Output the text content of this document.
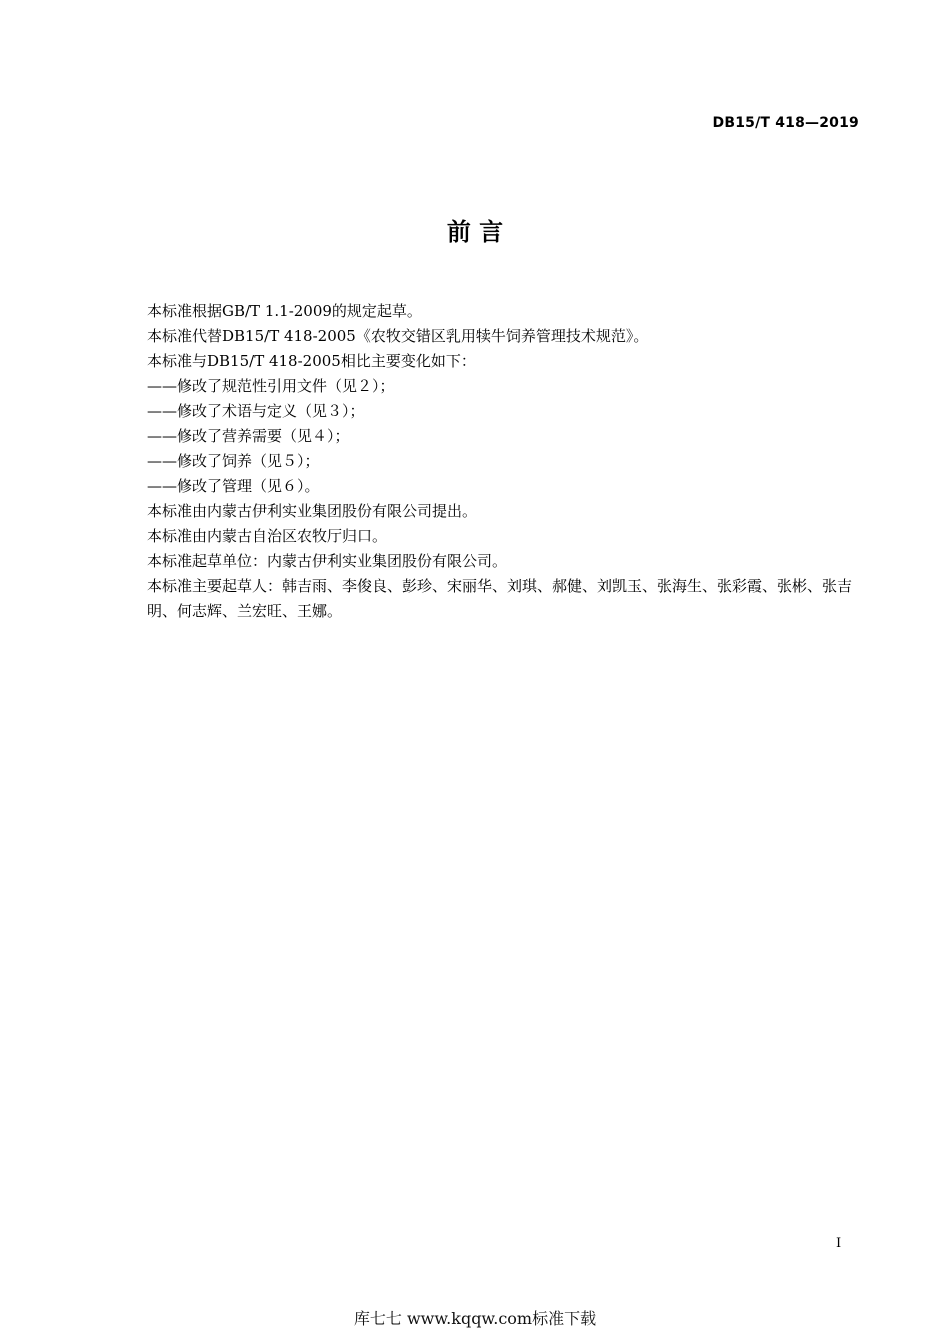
DB15/T 418—2019
前 言

本标准根据GB/T 1.1-2009的规定起草。

本标准代替DB15/T 418-2005《农牧交错区乳用犊牛饲养管理技术规范》。

本标准与DB15/T 418-2005相比主要变化如下：

——修改了规范性引用文件（见２）；

——修改了术语与定义（见３）；

——修改了营养需要（见４）；

——修改了饲养（见５）；

——修改了管理（见６）。

本标准由内蒙古伊利实业集团股份有限公司提出。

本标准由内蒙古自治区农牧厅归口。

本标准起草单位：内蒙古伊利实业集团股份有限公司。

本标准主要起草人：韩吉雨、李俊良、彭珍、宋丽华、刘琪、郝健、刘凯玉、张海生、张彩霞、张彬、张吉明、何志辉、兰宏旺、王娜。

I
库七七 www.kqqw.com标准下载
